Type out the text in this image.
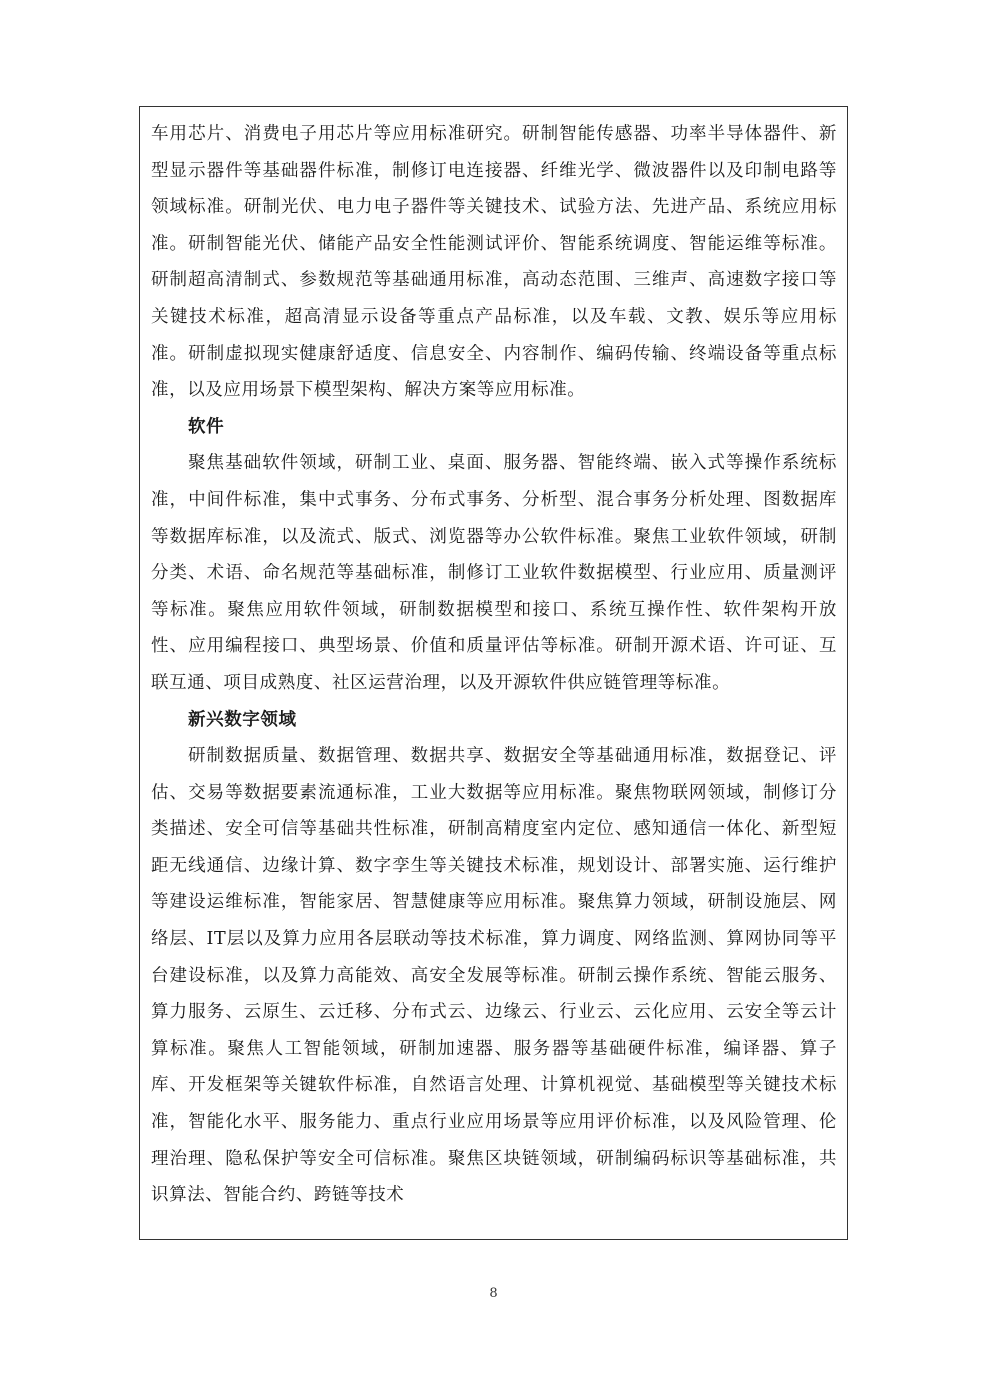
车用芯片、消费电子用芯片等应用标准研究。研制智能传感器、功率半导体器件、新型显示器件等基础器件标准，制修订电连接器、纤维光学、微波器件以及印制电路等领域标准。研制光伏、电力电子器件等关键技术、试验方法、先进产品、系统应用标准。研制智能光伏、储能产品安全性能测试评价、智能系统调度、智能运维等标准。研制超高清制式、参数规范等基础通用标准，高动态范围、三维声、高速数字接口等关键技术标准，超高清显示设备等重点产品标准，以及车载、文教、娱乐等应用标准。研制虚拟现实健康舒适度、信息安全、内容制作、编码传输、终端设备等重点标准，以及应用场景下模型架构、解决方案等应用标准。

软件

聚焦基础软件领域，研制工业、桌面、服务器、智能终端、嵌入式等操作系统标准，中间件标准，集中式事务、分布式事务、分析型、混合事务分析处理、图数据库等数据库标准，以及流式、版式、浏览器等办公软件标准。聚焦工业软件领域，研制分类、术语、命名规范等基础标准，制修订工业软件数据模型、行业应用、质量测评等标准。聚焦应用软件领域，研制数据模型和接口、系统互操作性、软件架构开放性、应用编程接口、典型场景、价值和质量评估等标准。研制开源术语、许可证、互联互通、项目成熟度、社区运营治理，以及开源软件供应链管理等标准。

新兴数字领域

研制数据质量、数据管理、数据共享、数据安全等基础通用标准，数据登记、评估、交易等数据要素流通标准，工业大数据等应用标准。聚焦物联网领域，制修订分类描述、安全可信等基础共性标准，研制高精度室内定位、感知通信一体化、新型短距无线通信、边缘计算、数字孪生等关键技术标准，规划设计、部署实施、运行维护等建设运维标准，智能家居、智慧健康等应用标准。聚焦算力领域，研制设施层、网络层、IT层以及算力应用各层联动等技术标准，算力调度、网络监测、算网协同等平台建设标准，以及算力高能效、高安全发展等标准。研制云操作系统、智能云服务、算力服务、云原生、云迁移、分布式云、边缘云、行业云、云化应用、云安全等云计算标准。聚焦人工智能领域，研制加速器、服务器等基础硬件标准，编译器、算子库、开发框架等关键软件标准，自然语言处理、计算机视觉、基础模型等关键技术标准，智能化水平、服务能力、重点行业应用场景等应用评价标准，以及风险管理、伦理治理、隐私保护等安全可信标准。聚焦区块链领域，研制编码标识等基础标准，共识算法、智能合约、跨链等技术

8
